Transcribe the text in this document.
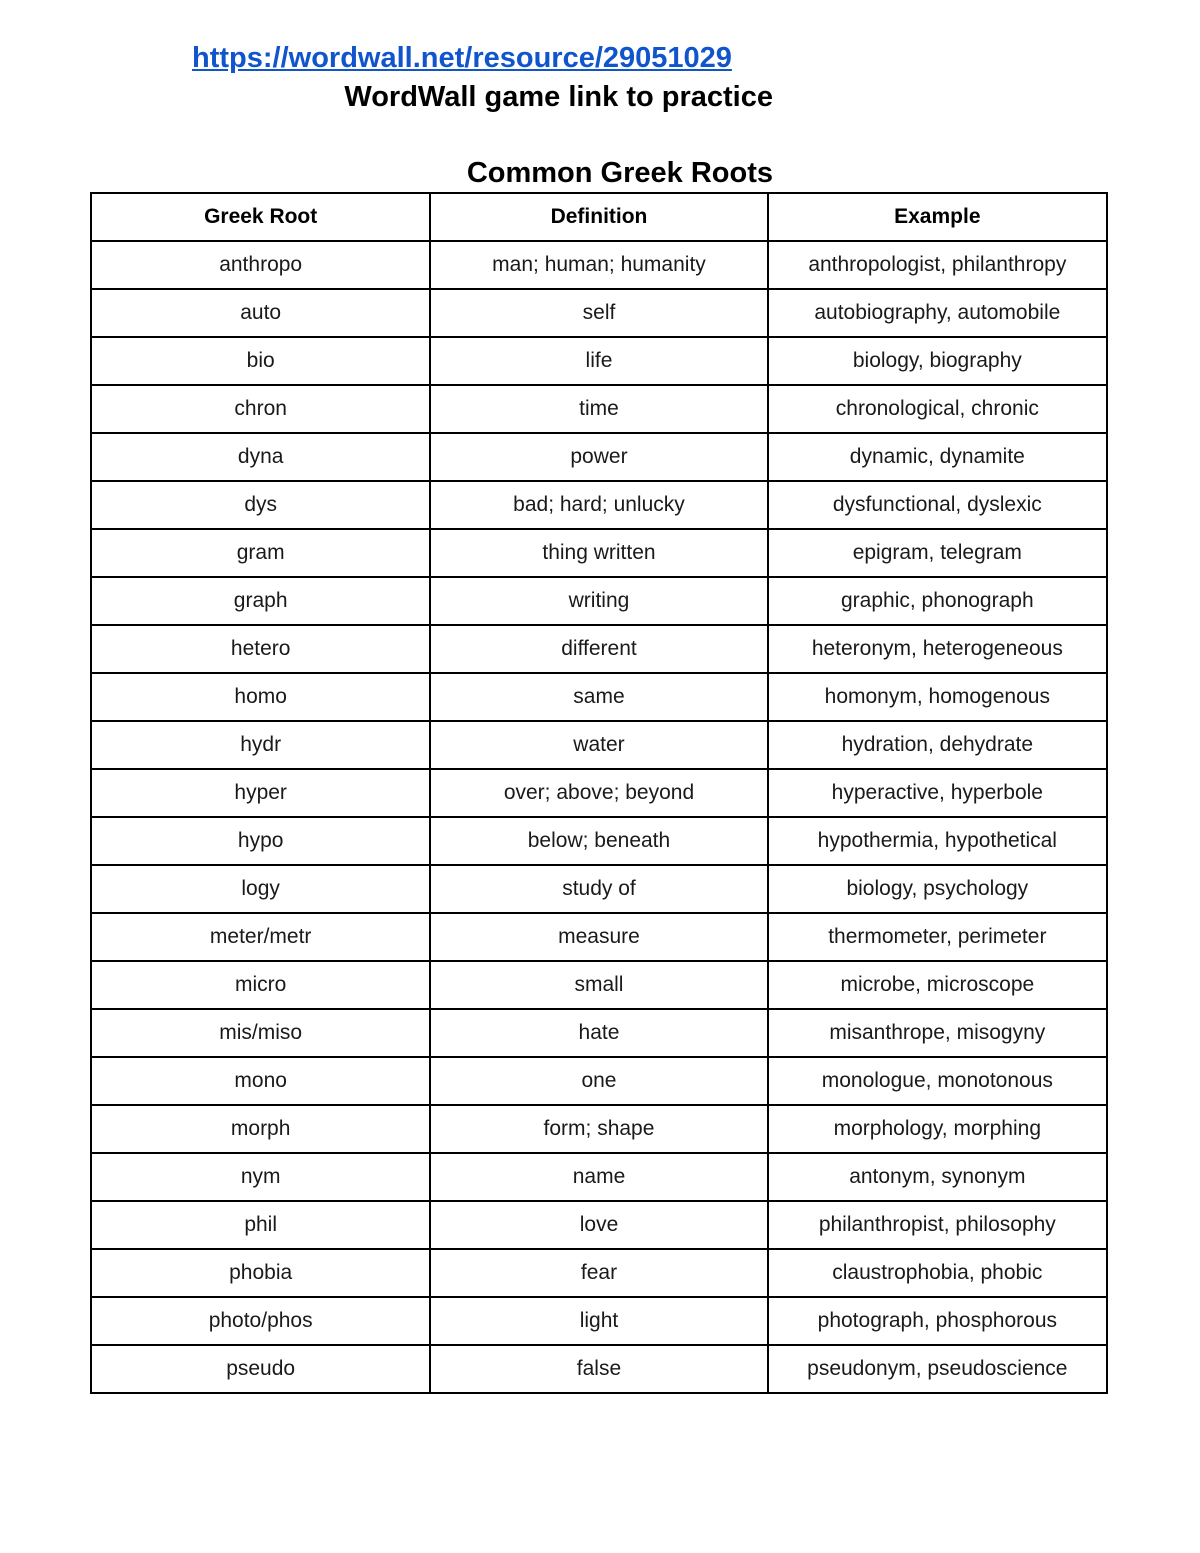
https://wordwall.net/resource/29051029
WordWall game link to practice
Common Greek Roots
Greek Root	Definition	Example
anthropo	man; human; humanity	anthropologist, philanthropy
auto	self	autobiography, automobile
bio	life	biology, biography
chron	time	chronological, chronic
dyna	power	dynamic, dynamite
dys	bad; hard; unlucky	dysfunctional, dyslexic
gram	thing written	epigram, telegram
graph	writing	graphic, phonograph
hetero	different	heteronym, heterogeneous
homo	same	homonym, homogenous
hydr	water	hydration, dehydrate
hyper	over; above; beyond	hyperactive, hyperbole
hypo	below; beneath	hypothermia, hypothetical
logy	study of	biology, psychology
meter/metr	measure	thermometer, perimeter
micro	small	microbe, microscope
mis/miso	hate	misanthrope, misogyny
mono	one	monologue, monotonous
morph	form; shape	morphology, morphing
nym	name	antonym, synonym
phil	love	philanthropist, philosophy
phobia	fear	claustrophobia, phobic
photo/phos	light	photograph, phosphorous
pseudo	false	pseudonym, pseudoscience
